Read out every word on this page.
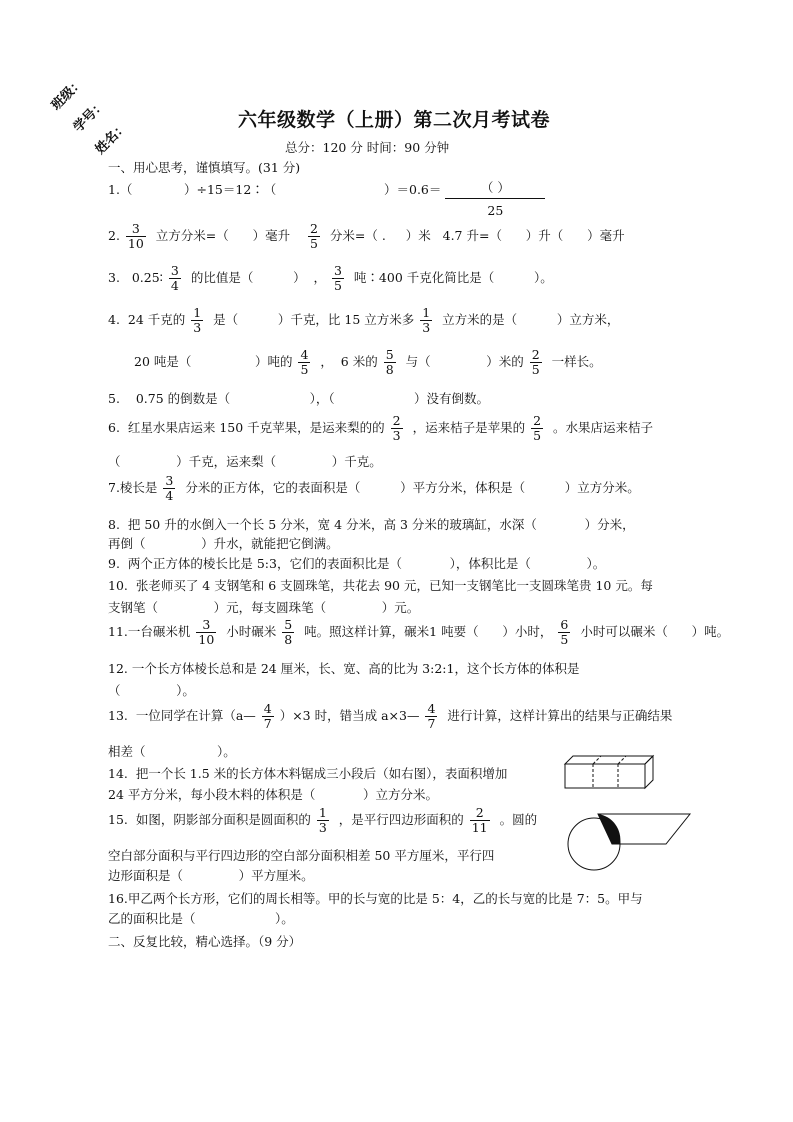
班级：
学号：
姓名：	六年级数学（上册）第二次月考试卷
总分：120 分 时间：90 分钟
一、用心思考，谨慎填写。(31 分)
1.（	）÷15＝12∶（	）＝0.6＝	（ ）
25
2. $\frac{3}{10}$ 立方分米=（      ）毫升 $\frac{2}{5}$ 分米=（ .     ）米   4.7 升=（      ）升（      ）毫升
3.   0.25∶ $\frac{3}{4}$ 的比值是（          ）  ， $\frac{3}{5}$ 吨∶400 千克化简比是（          ）。
4.  24 千克的 $\frac{1}{3}$ 是（          ）千克，比 15 立方米多 $\frac{1}{3}$ 立方米的是（          ）立方米，
20 吨是（                ）吨的 $\frac{4}{5}$ ，  6 米的 $\frac{5}{8}$ 与（              ）米的 $\frac{2}{5}$ 一样长。
5.    0.75 的倒数是（                    ），（                    ）没有倒数。
6.  红星水果店运来 150 千克苹果，是运来梨的的 $\frac{2}{3}$ ，运来桔子是苹果的 $\frac{2}{5}$ 。水果店运来桔子
（              ）千克，运来梨（              ）千克。
7.棱长是 $\frac{3}{4}$ 分米的正方体，它的表面积是（          ）平方分米，体积是（          ）立方分米。
8.  把 50 升的水倒入一个长 5 分米，宽 4 分米，高 3 分米的玻璃缸，水深（            ）分米，
再倒（              ）升水，就能把它倒满。
9.  两个正方体的棱长比是 5:3，它们的表面积比是（            ），体积比是（              ）。
10.  张老师买了 4 支钢笔和 6 支圆珠笔，共花去 90 元，已知一支钢笔比一支圆珠笔贵 10 元。每
支钢笔（              ）元，每支圆珠笔（              ）元。
11.一台碾米机 $\frac{3}{10}$ 小时碾米 $\frac{5}{8}$ 吨。照这样计算，碾米1 吨要（      ）小时， $\frac{6}{5}$ 小时可以碾米（      ）吨。
12. 一个长方体棱长总和是 24 厘米，长、宽、高的比为 3:2:1，这个长方体的体积是
（              ）。
13.  一位同学在计算（a— $\frac{4}{7} )\times 3$ 时，错当成 a×3— $\frac{4}{7}$ 进行计算，这样计算出的结果与正确结果
相差（                  ）。
14.  把一个长 1.5 米的长方体木料锯成三小段后（如右图），表面积增加
24 平方分米，每小段木料的体积是（            ）立方分米。
15.  如图，阴影部分面积是圆面积的 $\frac{1}{3}$ ，是平行四边形面积的 $\frac{2}{11}$ 。圆的
空白部分面积与平行四边形的空白部分面积相差 50 平方厘米，平行四
边形面积是（              ）平方厘米。
16.甲乙两个长方形，它们的周长相等。甲的长与宽的比是 5：4，乙的长与宽的比是 7：5。甲与
乙的面积比是（                    ）。
二、反复比较，精心选择。（9 分）
